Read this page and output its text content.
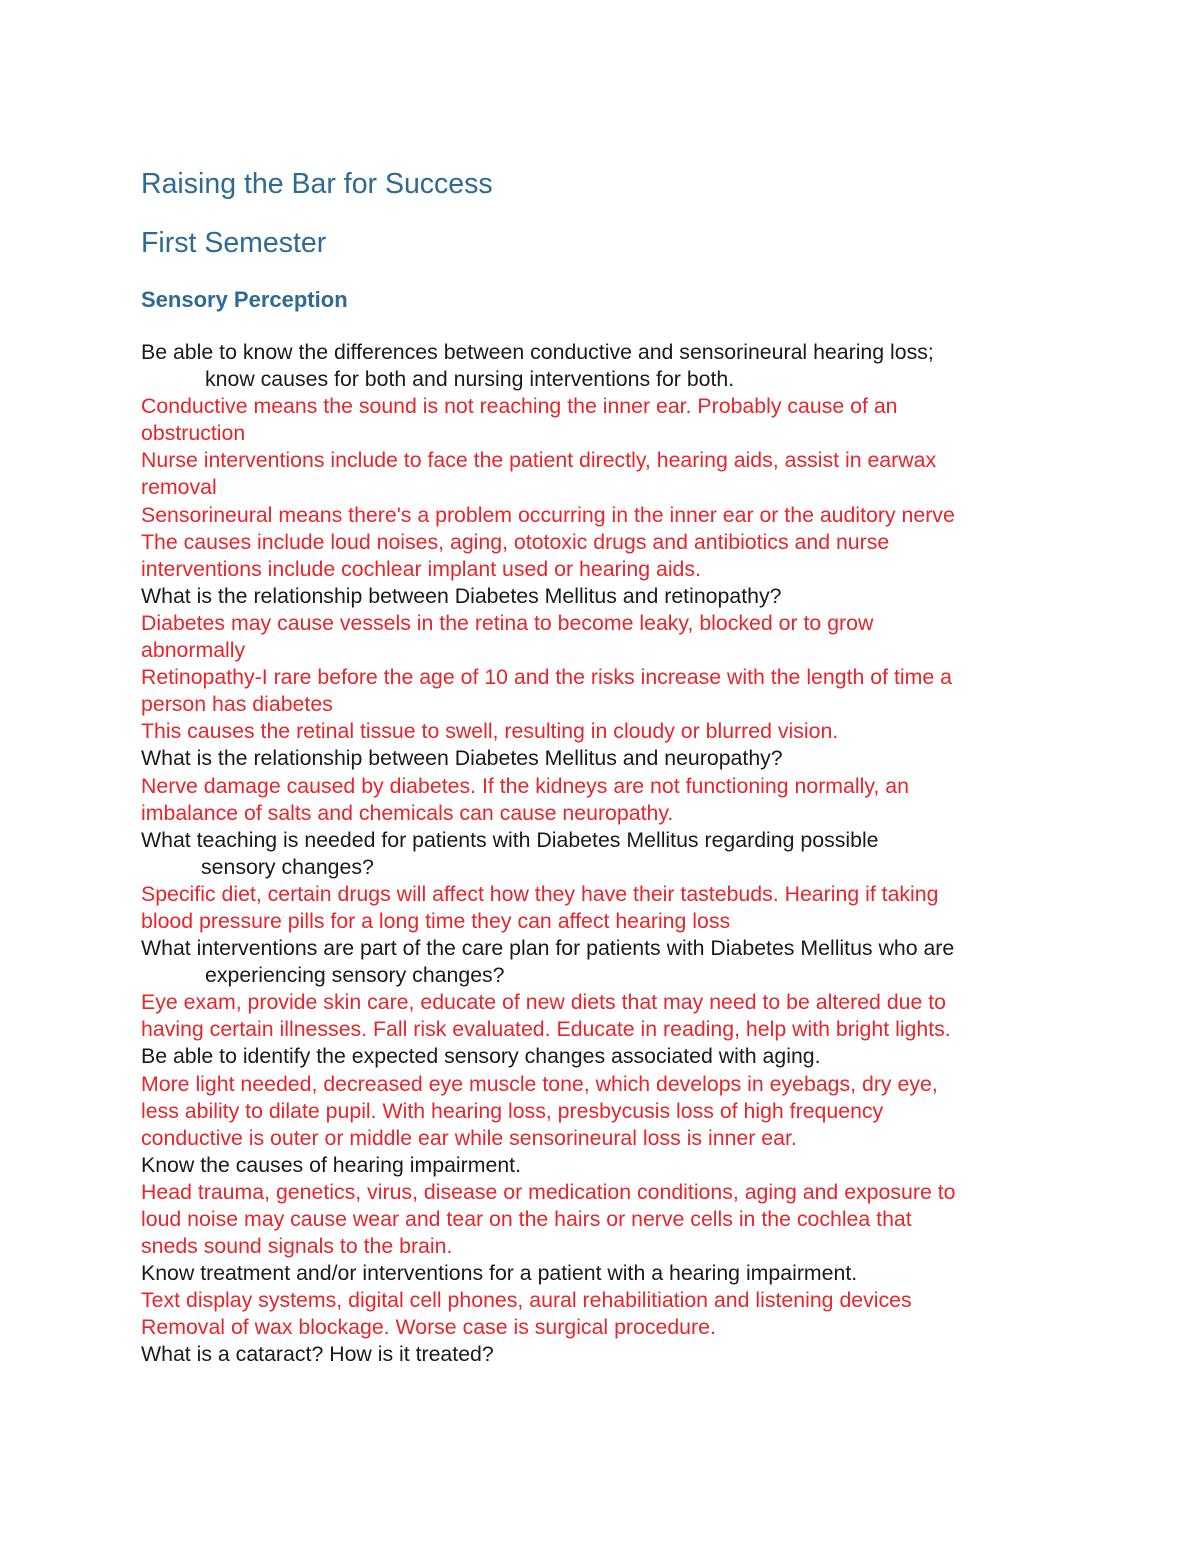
Raising the Bar for Success
First Semester
Sensory Perception
Be able to know the differences between conductive and sensorineural hearing loss;
know causes for both and nursing interventions for both.
Conductive means the sound is not reaching the inner ear. Probably cause of an
obstruction
Nurse interventions include to face the patient directly, hearing aids, assist in earwax
removal
Sensorineural means there's a problem occurring in the inner ear or the auditory nerve
The causes include loud noises, aging, ototoxic drugs and antibiotics and nurse
interventions include cochlear implant used or hearing aids.
What is the relationship between Diabetes Mellitus and retinopathy?
Diabetes may cause vessels in the retina to become leaky, blocked or to grow
abnormally
Retinopathy-I rare before the age of 10 and the risks increase with the length of time a
person has diabetes
This causes the retinal tissue to swell, resulting in cloudy or blurred vision.
What is the relationship between Diabetes Mellitus and neuropathy?
Nerve damage caused by diabetes. If the kidneys are not functioning normally, an
imbalance of salts and chemicals can cause neuropathy.
What teaching is needed for patients with Diabetes Mellitus regarding possible
sensory changes?
Specific diet, certain drugs will affect how they have their tastebuds. Hearing if taking
blood pressure pills for a long time they can affect hearing loss
What interventions are part of the care plan for patients with Diabetes Mellitus who are
experiencing sensory changes?
Eye exam, provide skin care, educate of new diets that may need to be altered due to
having certain illnesses. Fall risk evaluated. Educate in reading, help with bright lights.
Be able to identify the expected sensory changes associated with aging.
More light needed, decreased eye muscle tone, which develops in eyebags, dry eye,
less ability to dilate pupil. With hearing loss, presbycusis loss of high frequency
conductive is outer or middle ear while sensorineural loss is inner ear.
Know the causes of hearing impairment.
Head trauma, genetics, virus, disease or medication conditions, aging and exposure to
loud noise may cause wear and tear on the hairs or nerve cells in the cochlea that
sneds sound signals to the brain.
Know treatment and/or interventions for a patient with a hearing impairment.
Text display systems, digital cell phones, aural rehabilitiation and listening devices
Removal of wax blockage. Worse case is surgical procedure.
What is a cataract? How is it treated?
